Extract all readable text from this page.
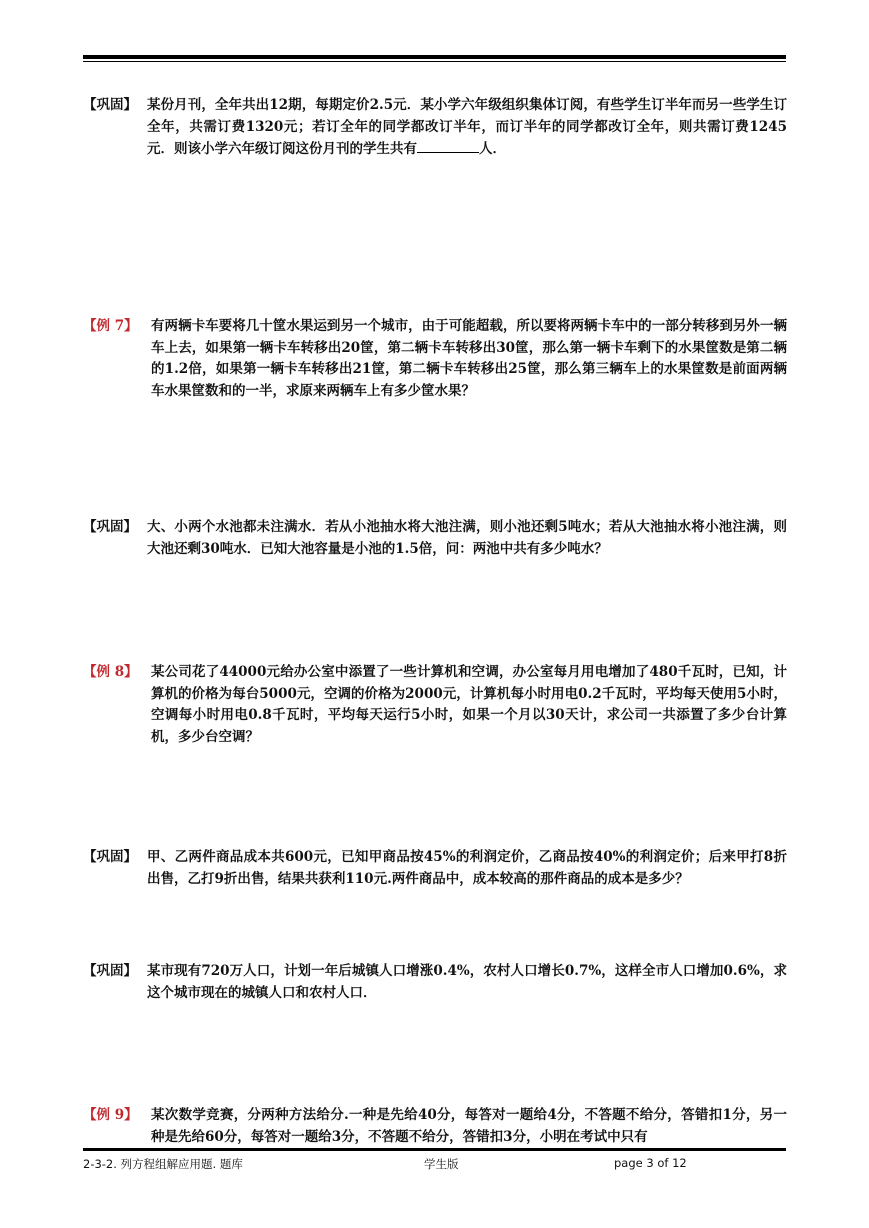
【巩固】 某份月刊，全年共出12期，每期定价2.5元．某小学六年级组织集体订阅，有些学生订半年而另一些学生订全年，共需订费1320元；若订全年的同学都改订半年，而订半年的同学都改订全年，则共需订费1245元．则该小学六年级订阅这份月刊的学生共有	人．
【例 7】 有两辆卡车要将几十筐水果运到另一个城市，由于可能超载，所以要将两辆卡车中的一部分转移到另外一辆车上去，如果第一辆卡车转移出20筐，第二辆卡车转移出30筐，那么第一辆卡车剩下的水果筐数是第二辆的1.2倍，如果第一辆卡车转移出21筐，第二辆卡车转移出25筐，那么第三辆车上的水果筐数是前面两辆车水果筐数和的一半，求原来两辆车上有多少筐水果？
【巩固】 大、小两个水池都未注满水．若从小池抽水将大池注满，则小池还剩5吨水；若从大池抽水将小池注满，则大池还剩30吨水．已知大池容量是小池的1.5倍，问：两池中共有多少吨水？
【例 8】 某公司花了44000元给办公室中添置了一些计算机和空调，办公室每月用电增加了480千瓦时，已知，计算机的价格为每台5000元，空调的价格为2000元，计算机每小时用电0.2千瓦时，平均每天使用5小时，空调每小时用电0.8千瓦时，平均每天运行5小时，如果一个月以30天计，求公司一共添置了多少台计算机，多少台空调？
【巩固】 甲、乙两件商品成本共600元，已知甲商品按45%的利润定价，乙商品按40%的利润定价；后来甲打8折出售，乙打9折出售，结果共获利110元.两件商品中，成本较高的那件商品的成本是多少？
【巩固】 某市现有720万人口，计划一年后城镇人口增涨0.4%，农村人口增长0.7%，这样全市人口增加0.6%，求这个城市现在的城镇人口和农村人口．
【例 9】 某次数学竞赛，分两种方法给分.一种是先给40分，每答对一题给4分，不答题不给分，答错扣1分，另一种是先给60分，每答对一题给3分，不答题不给分，答错扣3分，小明在考试中只有
2-3-2. 列方程组解应用题. 题库	学生版	page 3 of 12
